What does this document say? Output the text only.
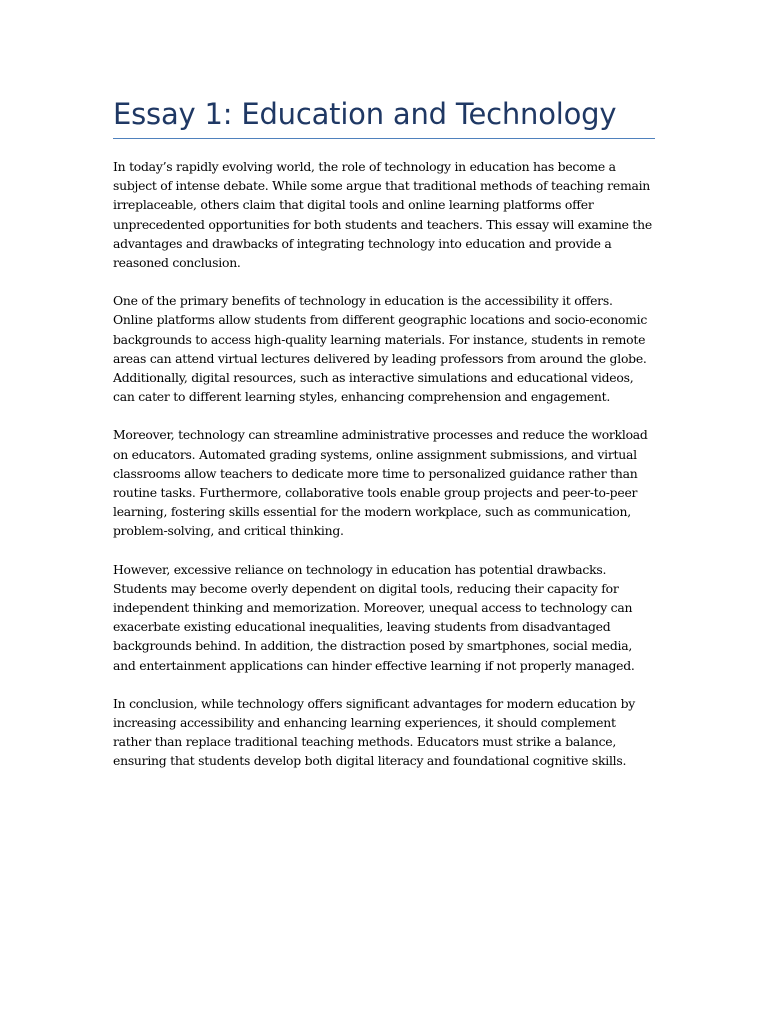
Essay 1: Education and Technology

In today’s rapidly evolving world, the role of technology in education has become a subject of intense debate. While some argue that traditional methods of teaching remain irreplaceable, others claim that digital tools and online learning platforms offer unprecedented opportunities for both students and teachers. This essay will examine the advantages and drawbacks of integrating technology into education and provide a reasoned conclusion.

One of the primary benefits of technology in education is the accessibility it offers. Online platforms allow students from different geographic locations and socio-economic backgrounds to access high-quality learning materials. For instance, students in remote areas can attend virtual lectures delivered by leading professors from around the globe. Additionally, digital resources, such as interactive simulations and educational videos, can cater to different learning styles, enhancing comprehension and engagement.

Moreover, technology can streamline administrative processes and reduce the workload on educators. Automated grading systems, online assignment submissions, and virtual classrooms allow teachers to dedicate more time to personalized guidance rather than routine tasks. Furthermore, collaborative tools enable group projects and peer-to-peer learning, fostering skills essential for the modern workplace, such as communication, problem-solving, and critical thinking.

However, excessive reliance on technology in education has potential drawbacks. Students may become overly dependent on digital tools, reducing their capacity for independent thinking and memorization. Moreover, unequal access to technology can exacerbate existing educational inequalities, leaving students from disadvantaged backgrounds behind. In addition, the distraction posed by smartphones, social media, and entertainment applications can hinder effective learning if not properly managed.

In conclusion, while technology offers significant advantages for modern education by increasing accessibility and enhancing learning experiences, it should complement rather than replace traditional teaching methods. Educators must strike a balance, ensuring that students develop both digital literacy and foundational cognitive skills.
